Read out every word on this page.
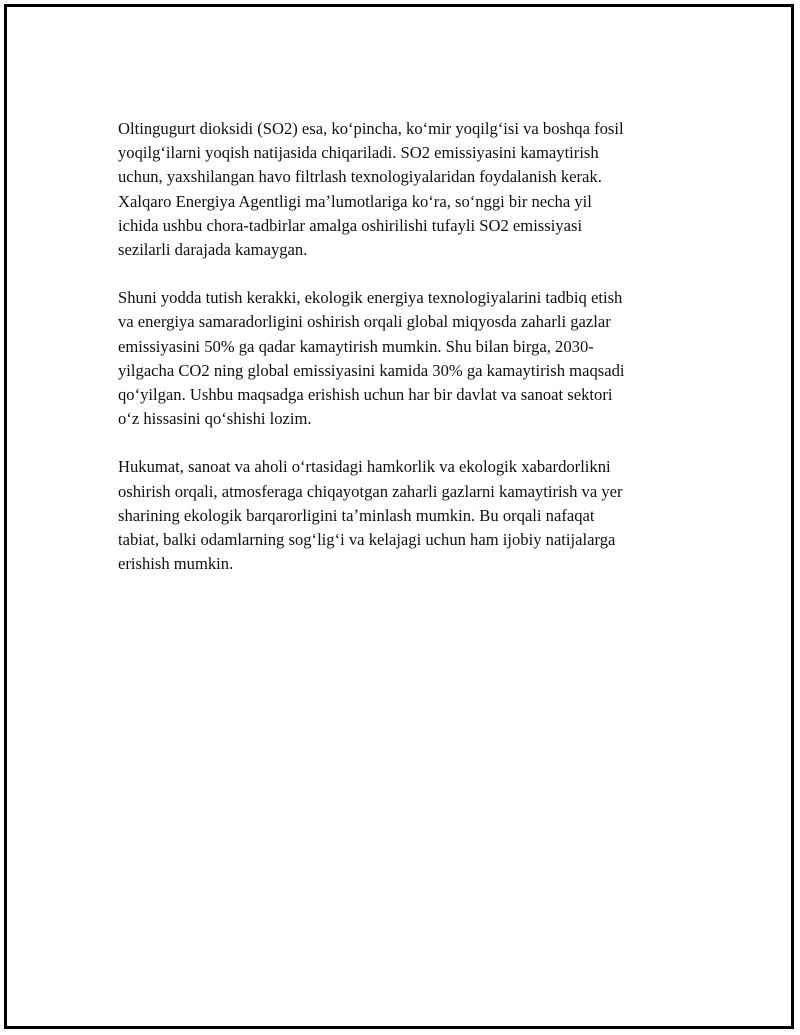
Oltingugurt dioksidi (SO2) esa, koʻpincha, koʻmir yoqilgʻisi va boshqa fosil
yoqilgʻilarni yoqish natijasida chiqariladi. SO2 emissiyasini kamaytirish
uchun, yaxshilangan havo filtrlash texnologiyalaridan foydalanish kerak.
Xalqaro Energiya Agentligi maʼlumotlariga koʻra, soʻnggi bir necha yil
ichida ushbu chora-tadbirlar amalga oshirilishi tufayli SO2 emissiyasi
sezilarli darajada kamaygan.

Shuni yodda tutish kerakki, ekologik energiya texnologiyalarini tadbiq etish
va energiya samaradorligini oshirish orqali global miqyosda zaharli gazlar
emissiyasini 50% ga qadar kamaytirish mumkin. Shu bilan birga, 2030-
yilgacha CO2 ning global emissiyasini kamida 30% ga kamaytirish maqsadi
qoʻyilgan. Ushbu maqsadga erishish uchun har bir davlat va sanoat sektori
oʻz hissasini qoʻshishi lozim.

Hukumat, sanoat va aholi oʻrtasidagi hamkorlik va ekologik xabardorlikni
oshirish orqali, atmosferaga chiqayotgan zaharli gazlarni kamaytirish va yer
sharining ekologik barqarorligini taʼminlash mumkin. Bu orqali nafaqat
tabiat, balki odamlarning sogʻligʻi va kelajagi uchun ham ijobiy natijalarga
erishish mumkin.
